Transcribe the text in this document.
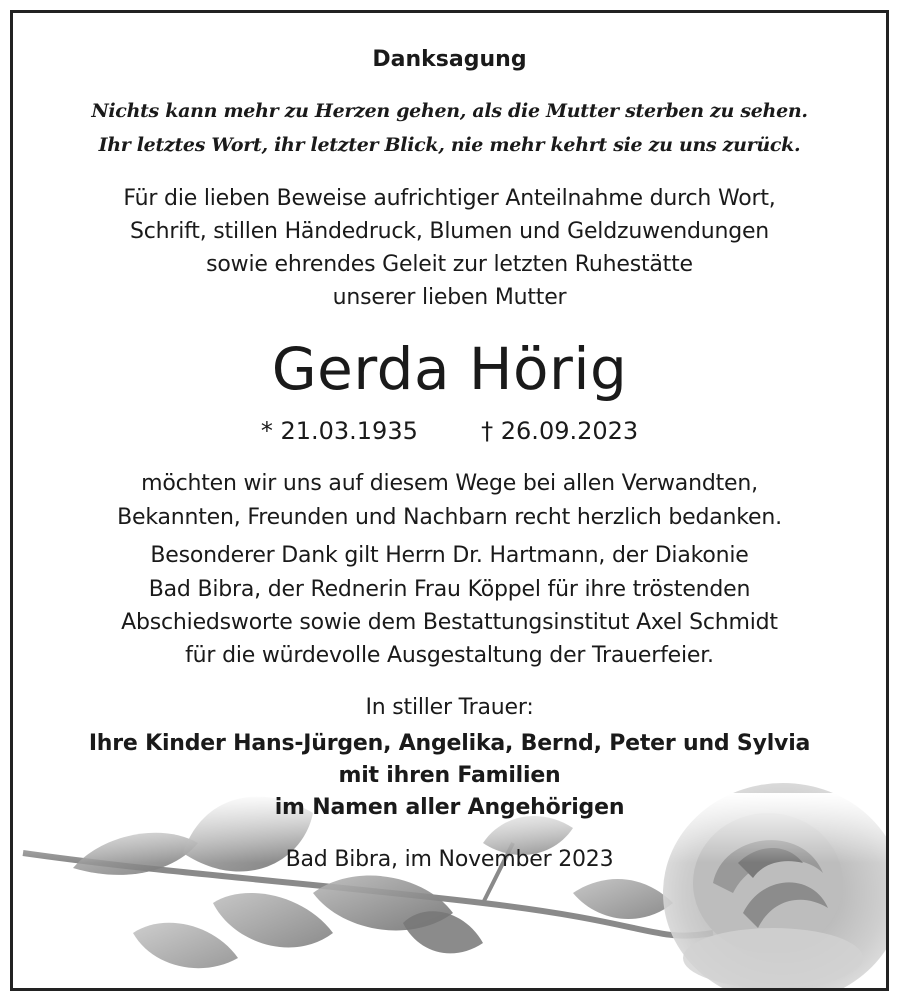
Danksagung
Nichts kann mehr zu Herzen gehen, als die Mutter sterben zu sehen.
Ihr letztes Wort, ihr letzter Blick, nie mehr kehrt sie zu uns zurück.
Für die lieben Beweise aufrichtiger Anteilnahme durch Wort,
Schrift, stillen Händedruck, Blumen und Geldzuwendungen
sowie ehrendes Geleit zur letzten Ruhestätte
unserer lieben Mutter
Gerda Hörig
* 21.03.1935	† 26.09.2023
möchten wir uns auf diesem Wege bei allen Verwandten,
Bekannten, Freunden und Nachbarn recht herzlich bedanken.
Besonderer Dank gilt Herrn Dr. Hartmann, der Diakonie
Bad Bibra, der Rednerin Frau Köppel für ihre tröstenden
Abschiedsworte sowie dem Bestattungsinstitut Axel Schmidt
für die würdevolle Ausgestaltung der Trauerfeier.
In stiller Trauer:
Ihre Kinder Hans-Jürgen, Angelika, Bernd, Peter und Sylvia
mit ihren Familien
im Namen aller Angehörigen
Bad Bibra, im November 2023
